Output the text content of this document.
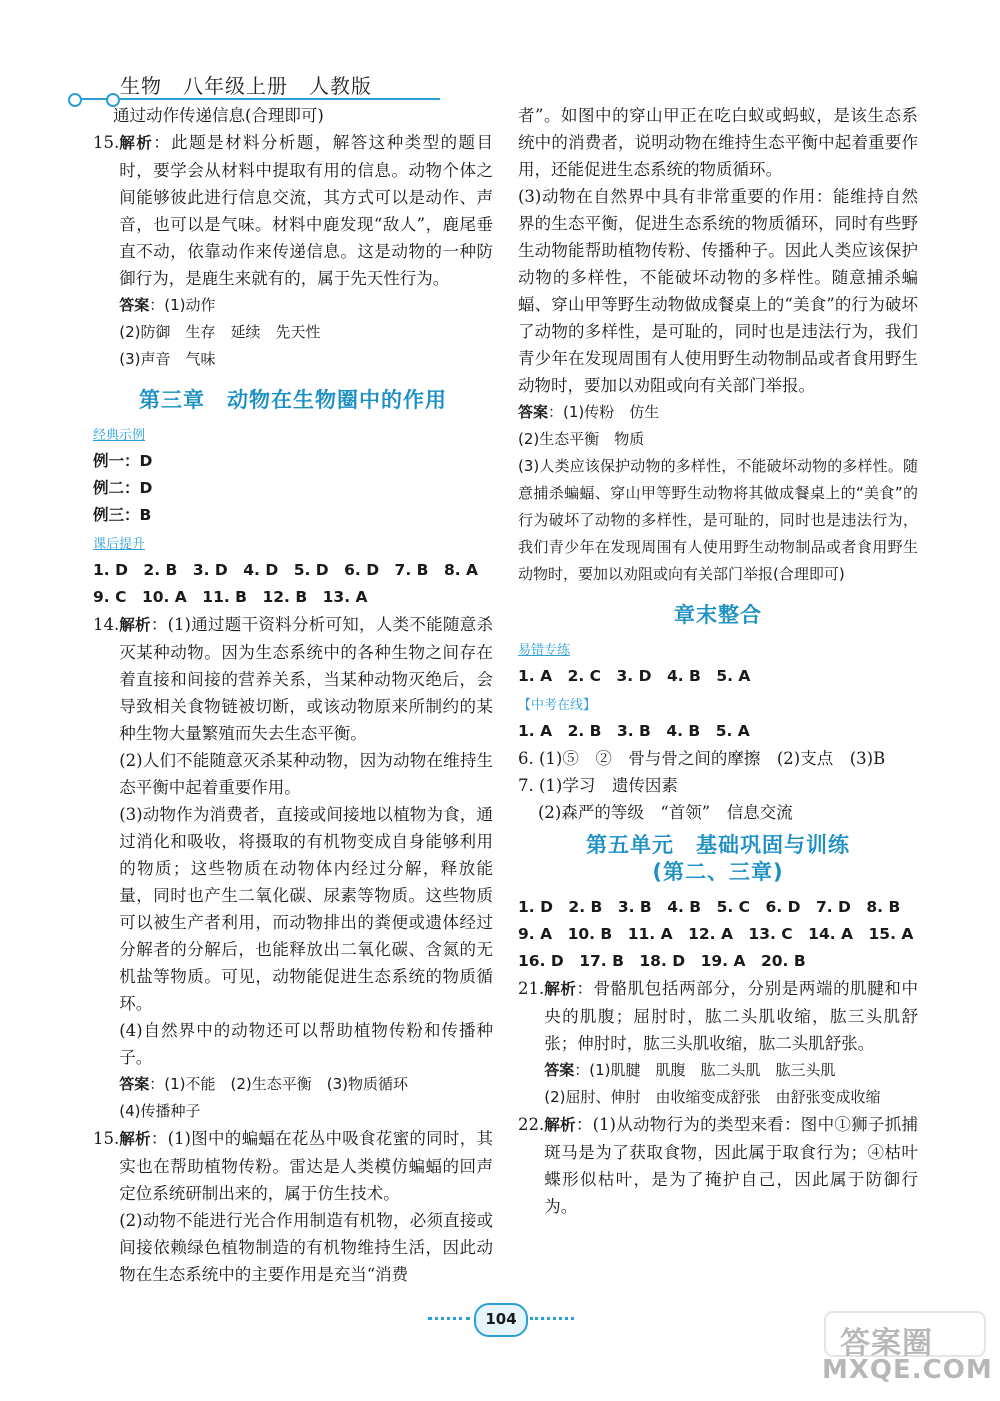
生物　八年级上册　人教版

通过动作传递信息(合理即可)

15. 解析：此题是材料分析题，解答这种类型的题目时，要学会从材料中提取有用的信息。动物个体之间能够彼此进行信息交流，其方式可以是动作、声音，也可以是气味。材料中鹿发现“敌人”，鹿尾垂直不动，依靠动作来传递信息。这是动物的一种防御行为，是鹿生来就有的，属于先天性行为。
答案：(1)动作
(2)防御　生存　延续　先天性
(3)声音　气味
第三章　动物在生物圈中的作用
经典示例
例一：D
例二：D
例三：B
课后提升
1. D　2. B　3. D　4. D　5. D　6. D　7. B　8. A
9. C　10. A　11. B　12. B　13. A
14. 解析：(1)通过题干资料分析可知，人类不能随意杀灭某种动物。因为生态系统中的各种生物之间存在着直接和间接的营养关系，当某种动物灭绝后，会导致相关食物链被切断，或该动物原来所制约的某种生物大量繁殖而失去生态平衡。

(2)人们不能随意灭杀某种动物，因为动物在维持生态平衡中起着重要作用。

(3)动物作为消费者，直接或间接地以植物为食，通过消化和吸收，将摄取的有机物变成自身能够利用的物质；这些物质在动物体内经过分解，释放能量，同时也产生二氧化碳、尿素等物质。这些物质可以被生产者利用，而动物排出的粪便或遗体经过分解者的分解后，也能释放出二氧化碳、含氮的无机盐等物质。可见，动物能促进生态系统的物质循环。

(4)自然界中的动物还可以帮助植物传粉和传播种子。

答案：(1)不能　(2)生态平衡　(3)物质循环
(4)传播种子
15. 解析：(1)图中的蝙蝠在花丛中吸食花蜜的同时，其实也在帮助植物传粉。雷达是人类模仿蝙蝠的回声定位系统研制出来的，属于仿生技术。

(2)动物不能进行光合作用制造有机物，必须直接或间接依赖绿色植物制造的有机物维持生活，因此动物在生态系统中的主要作用是充当“消费

者”。如图中的穿山甲正在吃白蚁或蚂蚁，是该生态系统中的消费者，说明动物在维持生态平衡中起着重要作用，还能促进生态系统的物质循环。

(3)动物在自然界中具有非常重要的作用：能维持自然界的生态平衡，促进生态系统的物质循环，同时有些野生动物能帮助植物传粉、传播种子。因此人类应该保护动物的多样性，不能破坏动物的多样性。随意捕杀蝙蝠、穿山甲等野生动物做成餐桌上的“美食”的行为破坏了动物的多样性，是可耻的，同时也是违法行为，我们青少年在发现周围有人使用野生动物制品或者食用野生动物时，要加以劝阻或向有关部门举报。

答案：(1)传粉　仿生
(2)生态平衡　物质
(3)人类应该保护动物的多样性，不能破坏动物的多样性。随意捕杀蝙蝠、穿山甲等野生动物将其做成餐桌上的“美食”的行为破坏了动物的多样性，是可耻的，同时也是违法行为，我们青少年在发现周围有人使用野生动物制品或者食用野生动物时，要加以劝阻或向有关部门举报(合理即可)
章末整合
易错专练
1. A　2. C　3. D　4. B　5. A
【中考在线】
1. A　2. B　3. B　4. B　5. A
6. (1)⑤　②　骨与骨之间的摩擦　(2)支点　(3)B
7. (1)学习　遗传因素
(2)森严的等级　“首领”　信息交流
第五单元　基础巩固与训练
(第二、三章)
1. D　2. B　3. B　4. B　5. C　6. D　7. D　8. B
9. A　10. B　11. A　12. A　13. C　14. A　15. A
16. D　17. B　18. D　19. A　20. B
21. 解析：骨骼肌包括两部分，分别是两端的肌腱和中央的肌腹；屈肘时，肱二头肌收缩，肱三头肌舒张；伸肘时，肱三头肌收缩，肱二头肌舒张。
答案：(1)肌腱　肌腹　肱二头肌　肱三头肌
(2)屈肘、伸肘　由收缩变成舒张　由舒张变成收缩
22. 解析：(1)从动物行为的类型来看：图中①狮子抓捕斑马是为了获取食物，因此属于取食行为；④枯叶蝶形似枯叶，是为了掩护自己，因此属于防御行为。
104
答案圈
MXQE.COM
